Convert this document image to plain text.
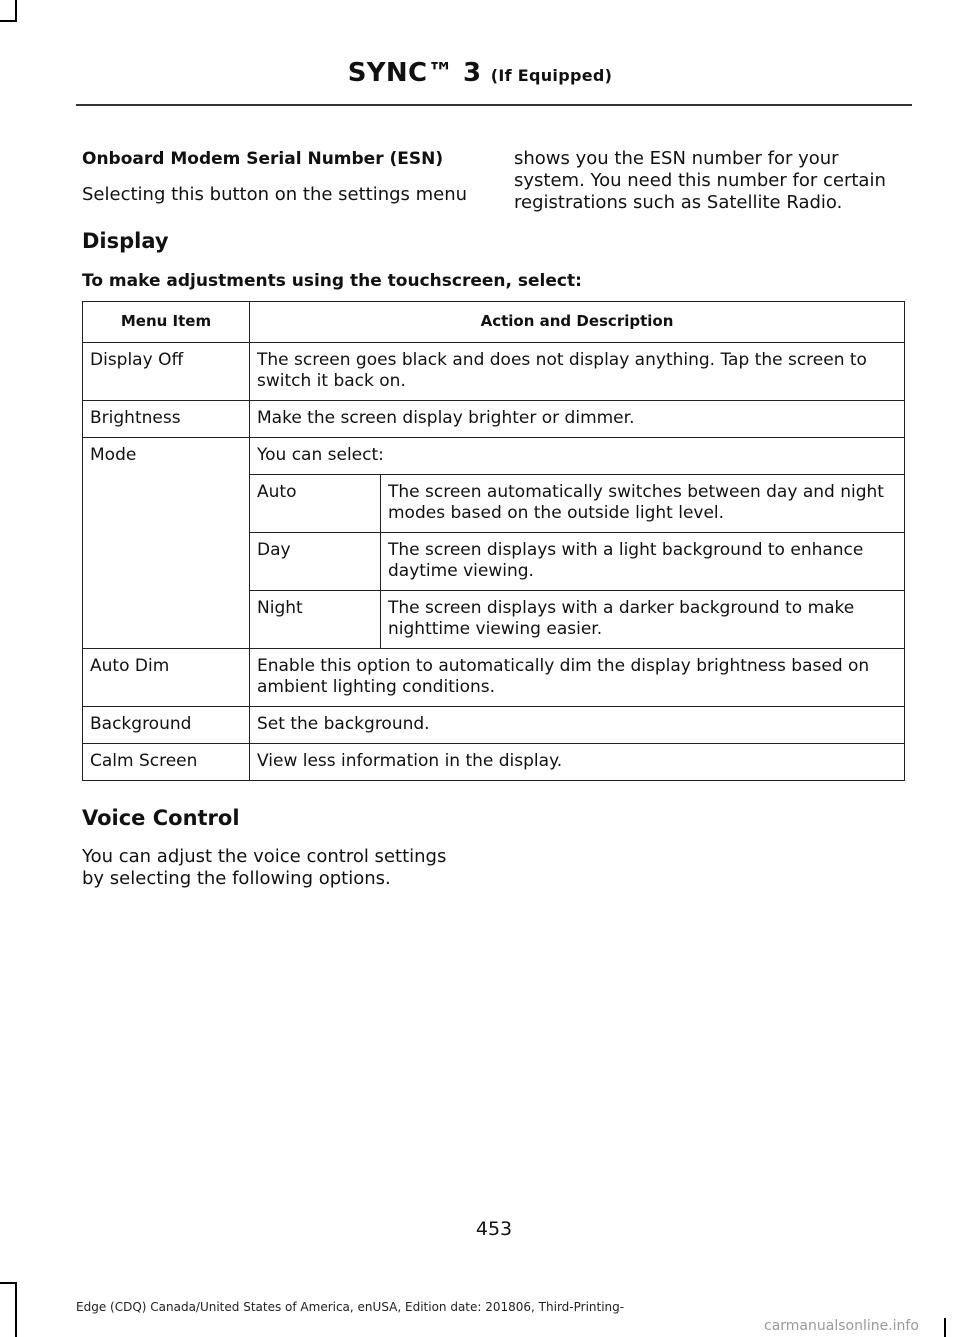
SYNC™ 3 (If Equipped)

Onboard Modem Serial Number (ESN)

Selecting this button on the settings menu

shows you the ESN number for your system. You need this number for certain registrations such as Satellite Radio.

Display
To make adjustments using the touchscreen, select:
Menu Item	Action and Description
Display Off	The screen goes black and does not display anything. Tap the screen to switch it back on.
Brightness	Make the screen display brighter or dimmer.
Mode	You can select:
Auto	The screen automatically switches between day and night modes based on the outside light level.
Day	The screen displays with a light background to enhance daytime viewing.
Night	The screen displays with a darker background to make nighttime viewing easier.

Auto Dim	Enable this option to automatically dim the display brightness based on ambient lighting conditions.
Background	Set the background.
Calm Screen	View less information in the display.
Voice Control

You can adjust the voice control settings by selecting the following options.

453
Edge (CDQ) Canada/United States of America, enUSA, Edition date: 201806, Third-Printing-
carmanualsonline.info
